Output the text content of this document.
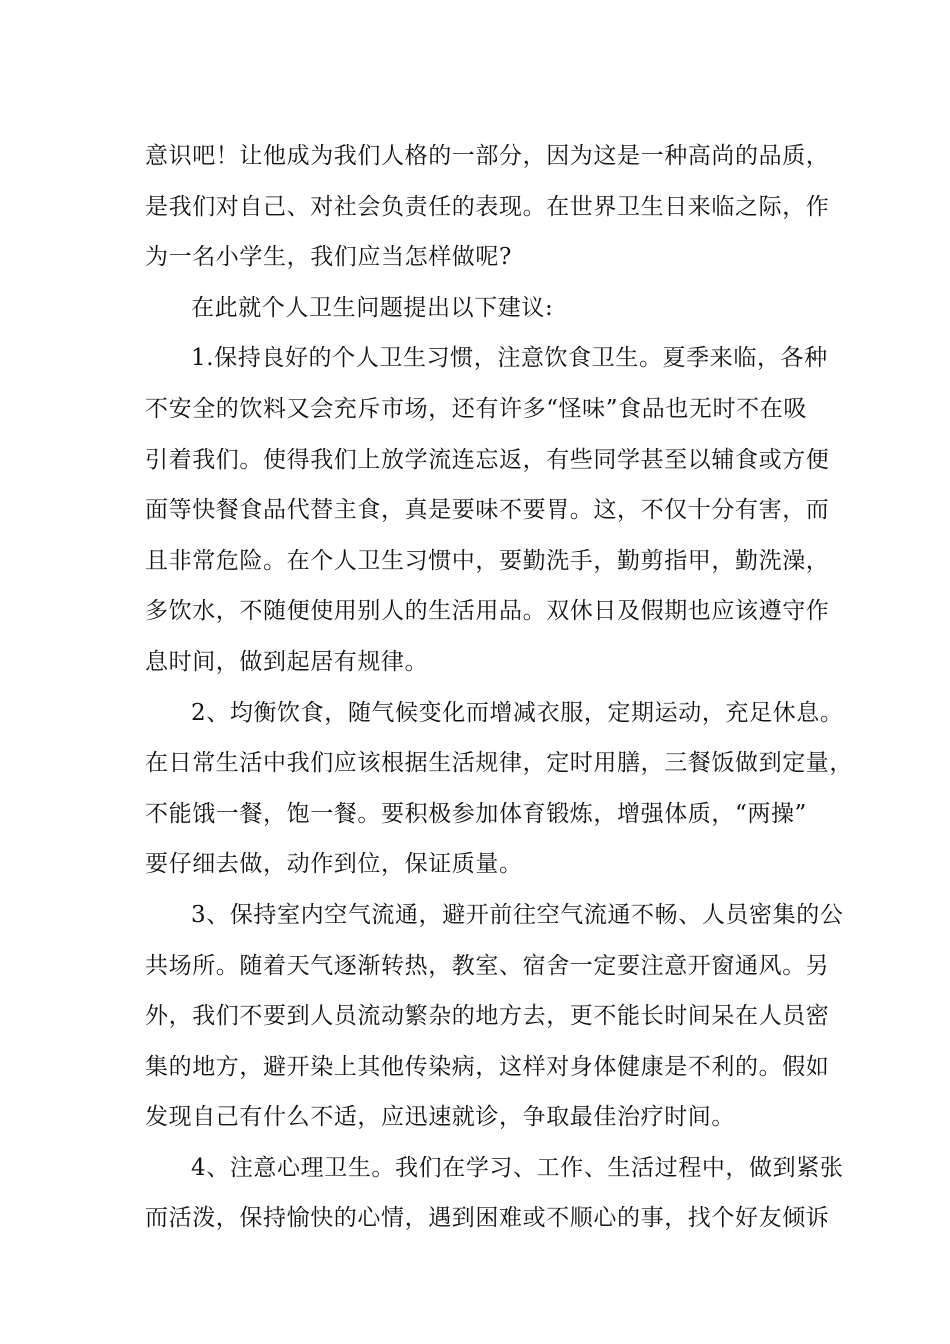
意识吧！让他成为我们人格的一部分，因为这是一种高尚的品质，
是我们对自己、对社会负责任的表现。在世界卫生日来临之际，作
为一名小学生，我们应当怎样做呢?

在此就个人卫生问题提出以下建议:

1.保持良好的个人卫生习惯，注意饮食卫生。夏季来临，各种
不安全的饮料又会充斥市场，还有许多“怪味”食品也无时不在吸
引着我们。使得我们上放学流连忘返，有些同学甚至以辅食或方便
面等快餐食品代替主食，真是要味不要胃。这，不仅十分有害，而
且非常危险。在个人卫生习惯中，要勤洗手，勤剪指甲，勤洗澡，
多饮水，不随便使用别人的生活用品。双休日及假期也应该遵守作
息时间，做到起居有规律。

2、均衡饮食，随气候变化而增减衣服，定期运动，充足休息。
在日常生活中我们应该根据生活规律，定时用膳，三餐饭做到定量，
不能饿一餐，饱一餐。要积极参加体育锻炼，增强体质，“两操”
要仔细去做，动作到位，保证质量。

3、保持室内空气流通，避开前往空气流通不畅、人员密集的公
共场所。随着天气逐渐转热，教室、宿舍一定要注意开窗通风。另
外，我们不要到人员流动繁杂的地方去，更不能长时间呆在人员密
集的地方，避开染上其他传染病，这样对身体健康是不利的。假如
发现自己有什么不适，应迅速就诊，争取最佳治疗时间。

4、注意心理卫生。我们在学习、工作、生活过程中，做到紧张
而活泼，保持愉快的心情，遇到困难或不顺心的事，找个好友倾诉
